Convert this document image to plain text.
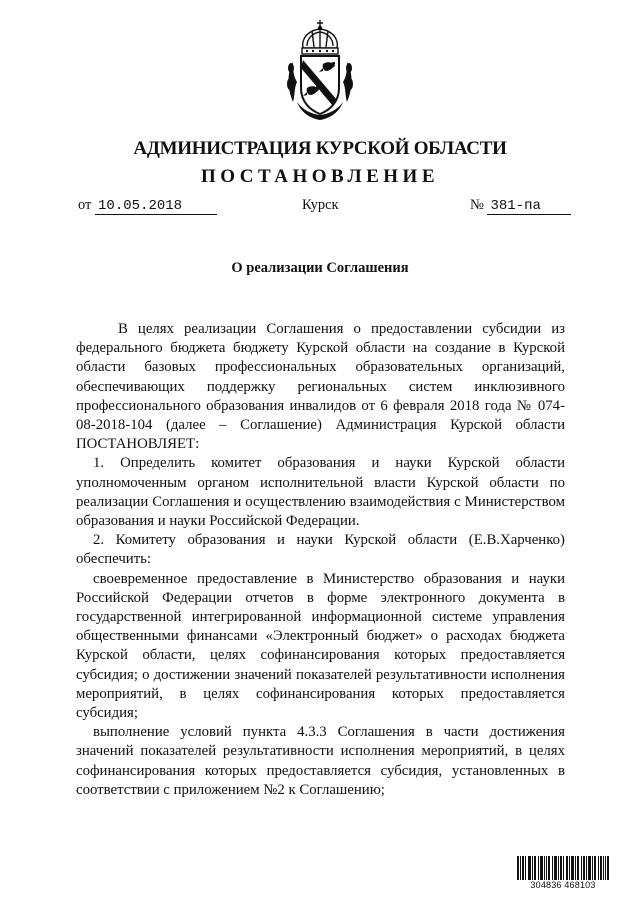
АДМИНИСТРАЦИЯ КУРСКОЙ ОБЛАСТИ
ПОСТАНОВЛЕНИЕ
от 10.05.2018	Курск	№ 381-па
О реализации Соглашения

В целях реализации Соглашения о предоставлении субсидии из федерального бюджета бюджету Курской области на создание в Курской области базовых профессиональных образовательных организаций, обеспечивающих поддержку региональных систем инклюзивного профессионального образования инвалидов от 6 февраля 2018 года № 074-08-2018-104 (далее – Соглашение) Администрация Курской области ПОСТАНОВЛЯЕТ:

1. Определить комитет образования и науки Курской области уполномоченным органом исполнительной власти Курской области по реализации Соглашения и осуществлению взаимодействия с Министерством образования и науки Российской Федерации.

2. Комитету образования и науки Курской области (Е.В.Харченко) обеспечить:

своевременное предоставление в Министерство образования и науки Российской Федерации отчетов в форме электронного документа в государственной интегрированной информационной системе управления общественными финансами «Электронный бюджет» о расходах бюджета Курской области, целях софинансирования которых предоставляется субсидия; о достижении значений показателей результативности исполнения мероприятий, в целях софинансирования которых предоставляется субсидия;

выполнение условий пункта 4.3.3 Соглашения в части достижения значений показателей результативности исполнения мероприятий, в целях софинансирования которых предоставляется субсидия, установленных в соответствии с приложением №2 к Соглашению;

304836 468103
